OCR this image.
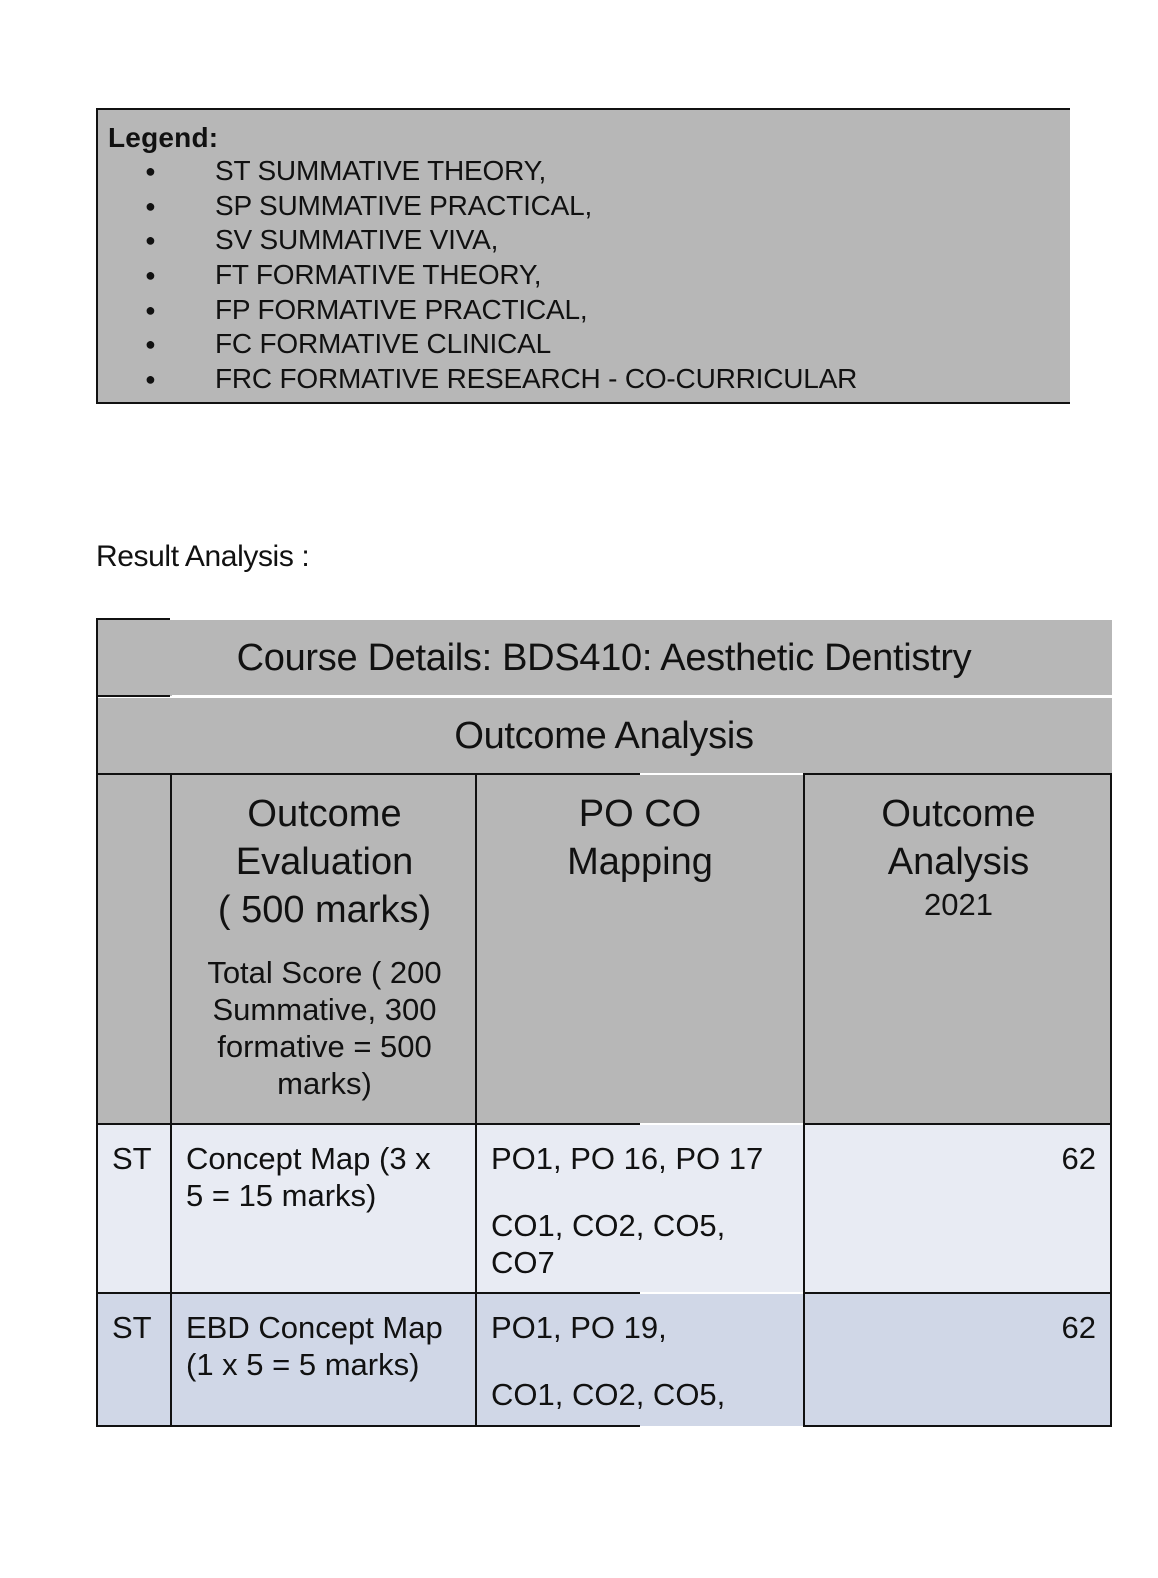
Legend:
● ST SUMMATIVE THEORY,
● SP SUMMATIVE PRACTICAL,
● SV SUMMATIVE VIVA,
● FT FORMATIVE THEORY,
● FP FORMATIVE PRACTICAL,
● FC FORMATIVE CLINICAL
● FRC FORMATIVE RESEARCH - CO-CURRICULAR
Result Analysis :
Course Details: BDS410: Aesthetic Dentistry
Outcome Analysis
Outcome
Evaluation
( 500 marks)
Total Score ( 200
Summative, 300
formative = 500
marks)
PO CO
Mapping
Outcome
Analysis
2021
ST Concept Map (3 x
5 = 15 marks)
PO1, PO 16, PO 17
CO1, CO2, CO5,
CO7
62
ST EBD Concept Map
(1 x 5 = 5 marks)
PO1, PO 19,
CO1, CO2, CO5,
62
